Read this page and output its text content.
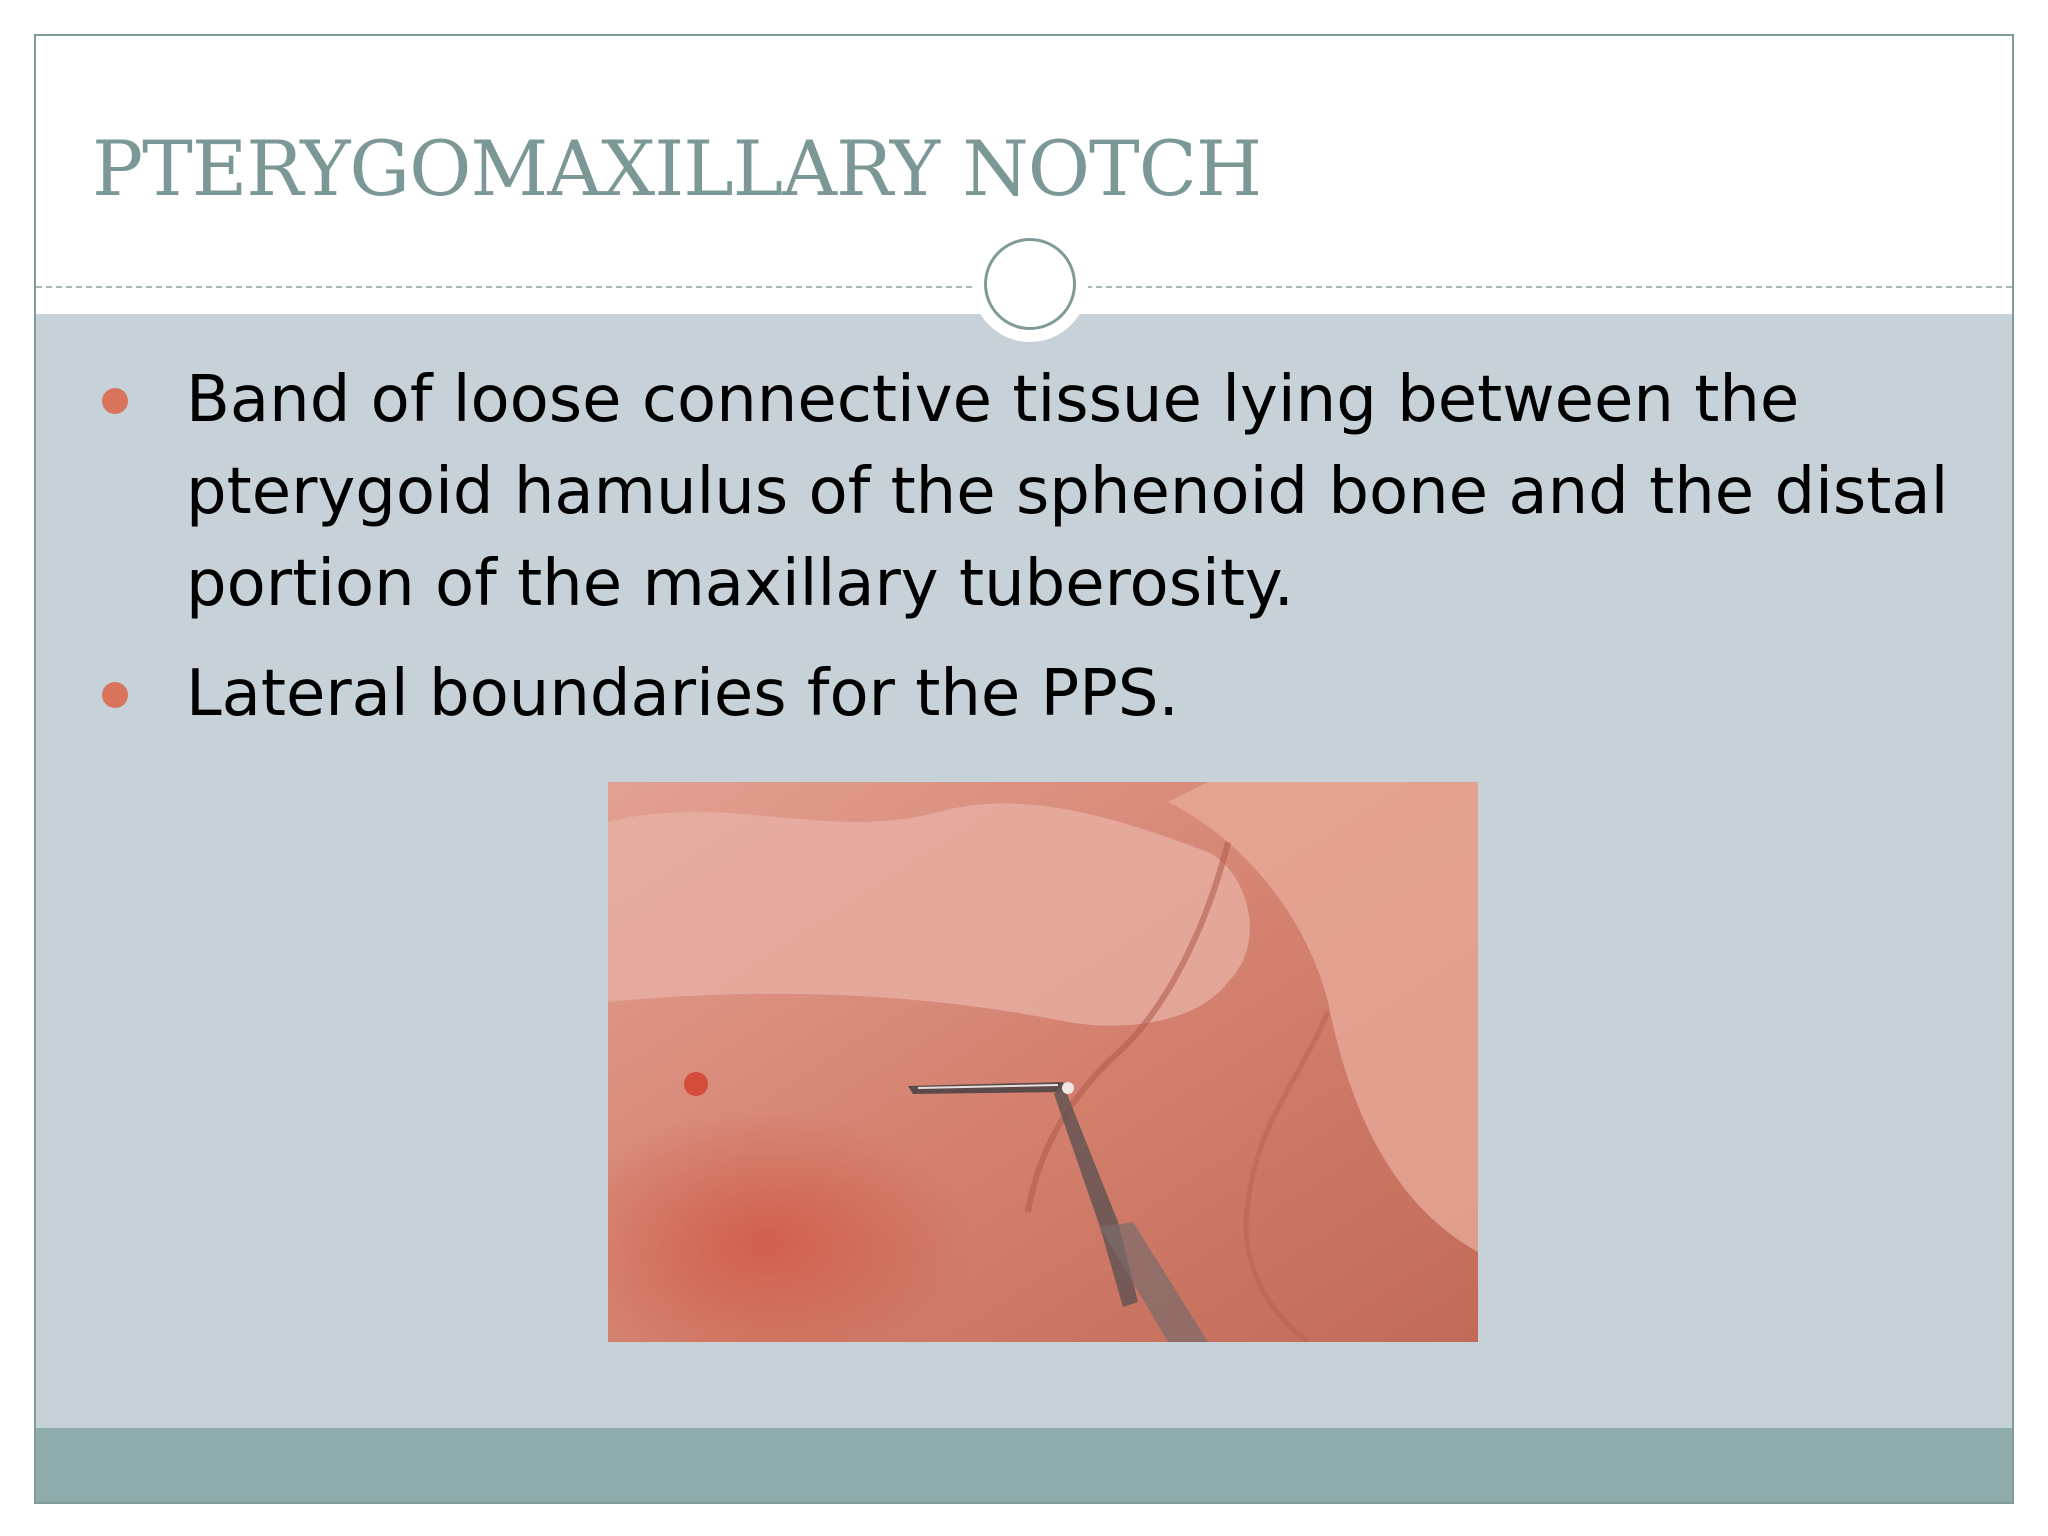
PTERYGOMAXILLARY NOTCH
Band of loose connective tissue lying between the pterygoid hamulus of the sphenoid bone and the distal portion of the maxillary tuberosity.
Lateral boundaries for the PPS.
